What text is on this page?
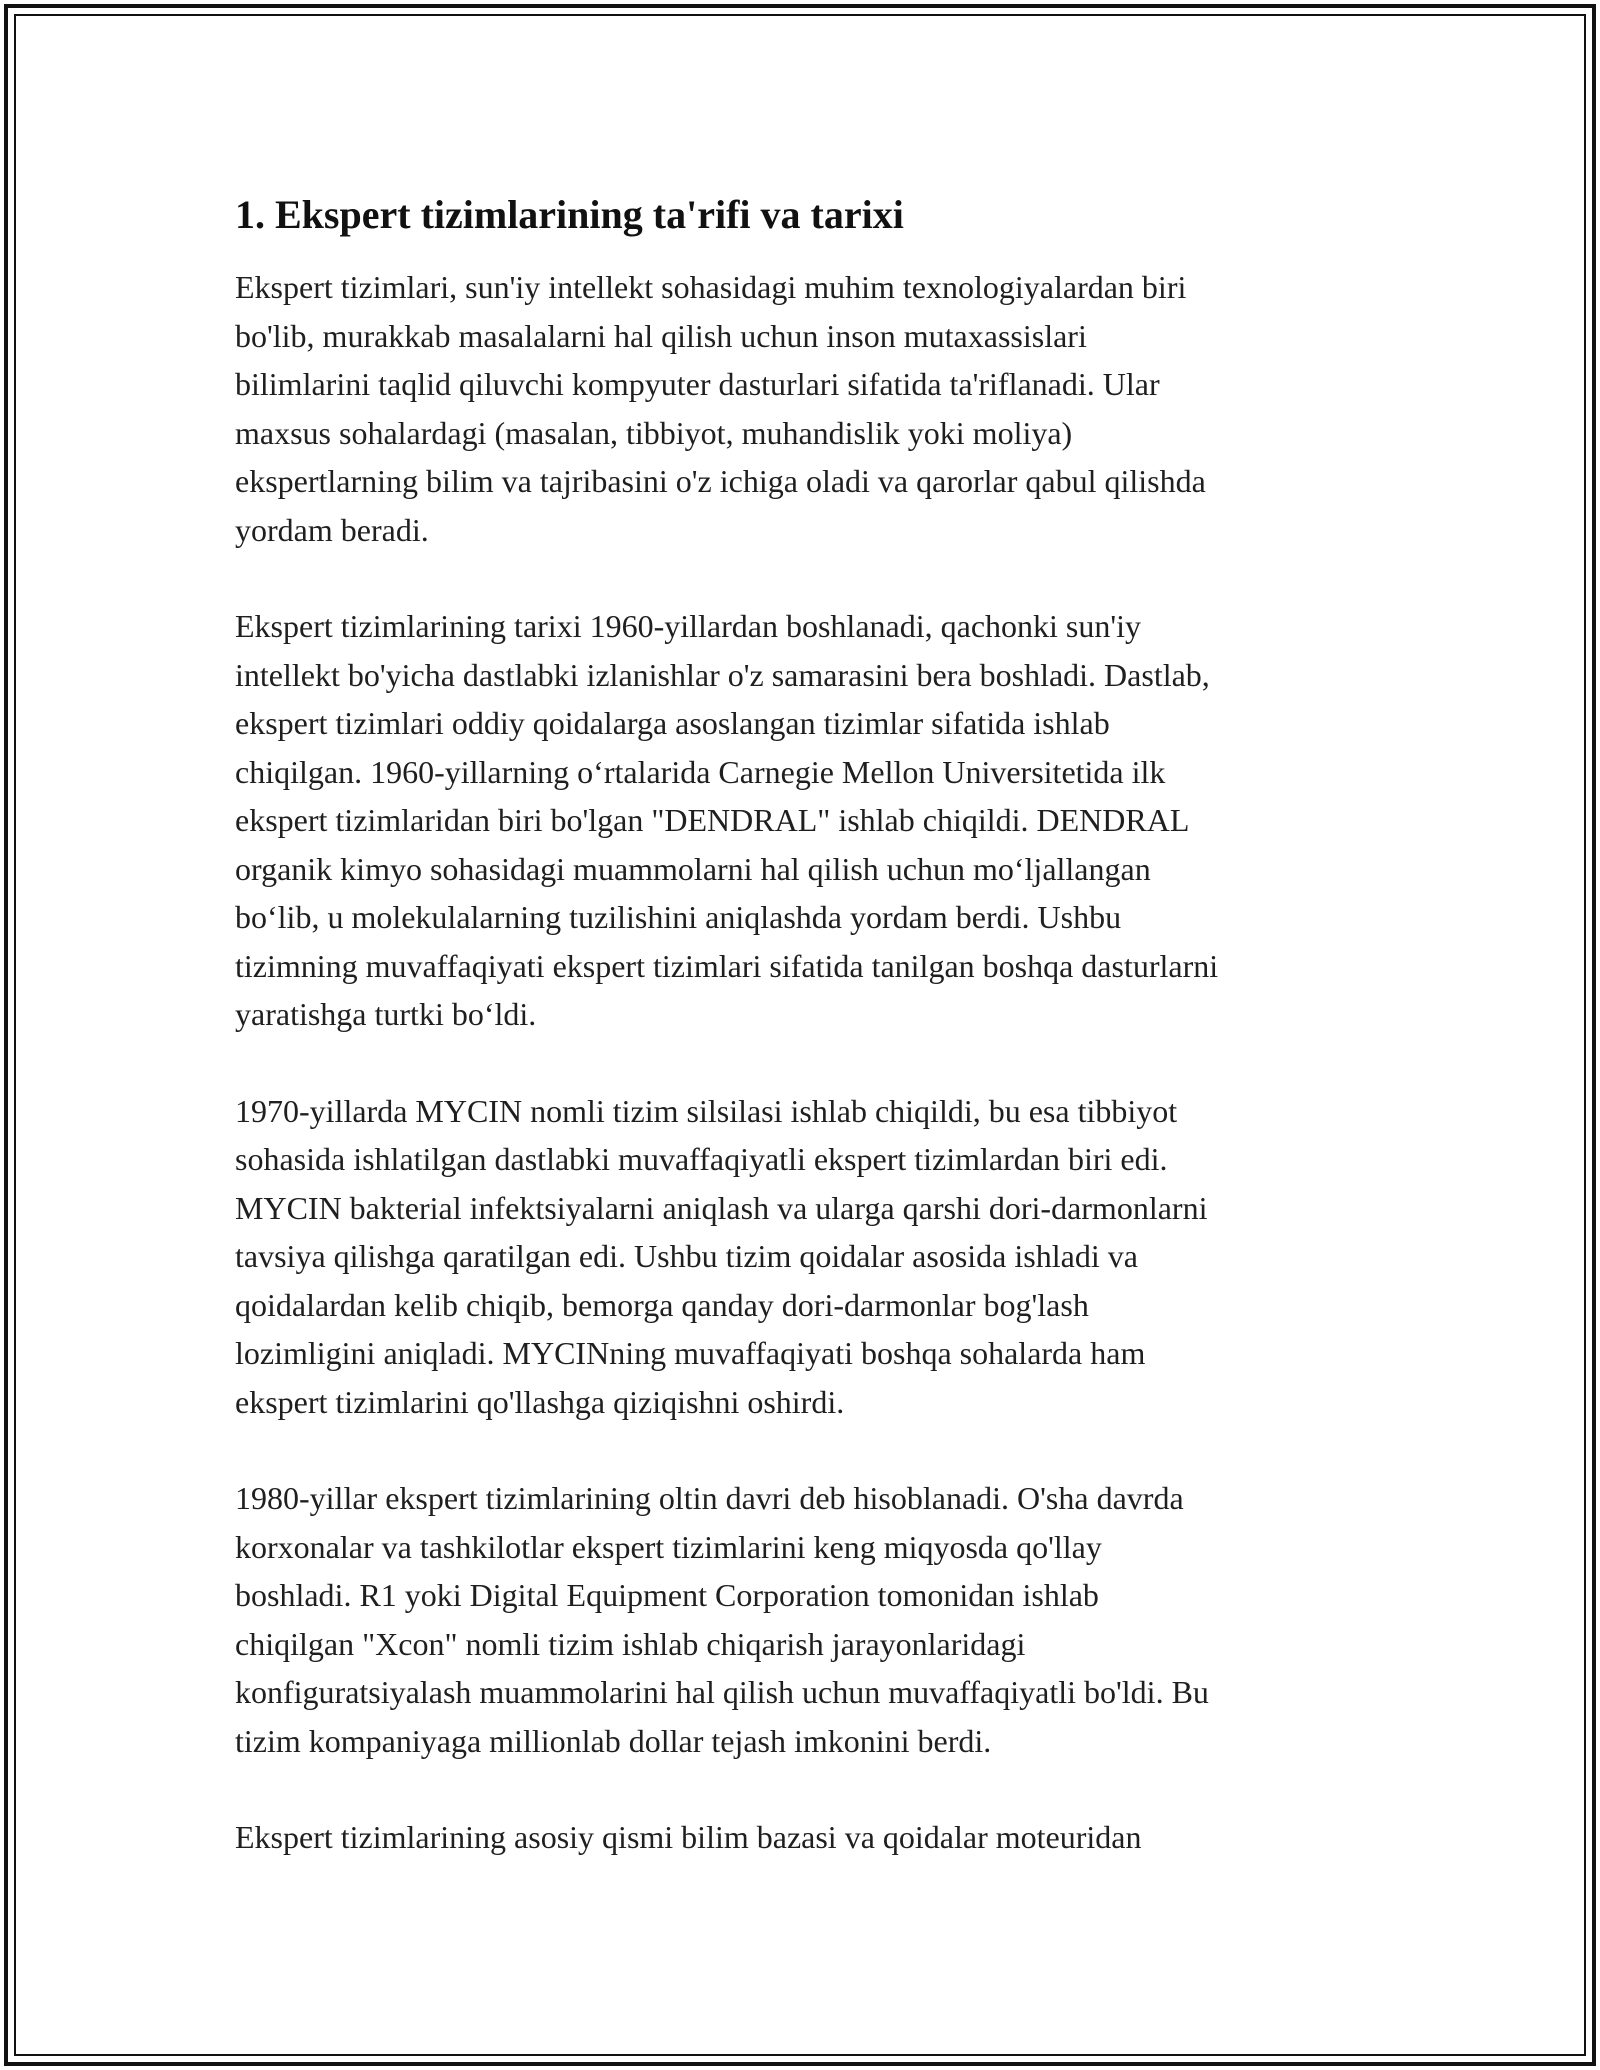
1. Ekspert tizimlarining ta'rifi va tarixi

Ekspert tizimlari, sun'iy intellekt sohasidagi muhim texnologiyalardan biri
bo'lib, murakkab masalalarni hal qilish uchun inson mutaxassislari
bilimlarini taqlid qiluvchi kompyuter dasturlari sifatida ta'riflanadi. Ular
maxsus sohalardagi (masalan, tibbiyot, muhandislik yoki moliya)
ekspertlarning bilim va tajribasini o'z ichiga oladi va qarorlar qabul qilishda
yordam beradi.

Ekspert tizimlarining tarixi 1960-yillardan boshlanadi, qachonki sun'iy
intellekt bo'yicha dastlabki izlanishlar o'z samarasini bera boshladi. Dastlab,
ekspert tizimlari oddiy qoidalarga asoslangan tizimlar sifatida ishlab
chiqilgan. 1960-yillarning o‘rtalarida Carnegie Mellon Universitetida ilk
ekspert tizimlaridan biri bo'lgan "DENDRAL" ishlab chiqildi. DENDRAL
organik kimyo sohasidagi muammolarni hal qilish uchun mo‘ljallangan
bo‘lib, u molekulalarning tuzilishini aniqlashda yordam berdi. Ushbu
tizimning muvaffaqiyati ekspert tizimlari sifatida tanilgan boshqa dasturlarni
yaratishga turtki bo‘ldi.

1970-yillarda MYCIN nomli tizim silsilasi ishlab chiqildi, bu esa tibbiyot
sohasida ishlatilgan dastlabki muvaffaqiyatli ekspert tizimlardan biri edi.
MYCIN bakterial infektsiyalarni aniqlash va ularga qarshi dori-darmonlarni
tavsiya qilishga qaratilgan edi. Ushbu tizim qoidalar asosida ishladi va
qoidalardan kelib chiqib, bemorga qanday dori-darmonlar bog'lash
lozimligini aniqladi. MYCINning muvaffaqiyati boshqa sohalarda ham
ekspert tizimlarini qo'llashga qiziqishni oshirdi.

1980-yillar ekspert tizimlarining oltin davri deb hisoblanadi. O'sha davrda
korxonalar va tashkilotlar ekspert tizimlarini keng miqyosda qo'llay
boshladi. R1 yoki Digital Equipment Corporation tomonidan ishlab
chiqilgan "Xcon" nomli tizim ishlab chiqarish jarayonlaridagi
konfiguratsiyalash muammolarini hal qilish uchun muvaffaqiyatli bo'ldi. Bu
tizim kompaniyaga millionlab dollar tejash imkonini berdi.

Ekspert tizimlarining asosiy qismi bilim bazasi va qoidalar moteuridan
